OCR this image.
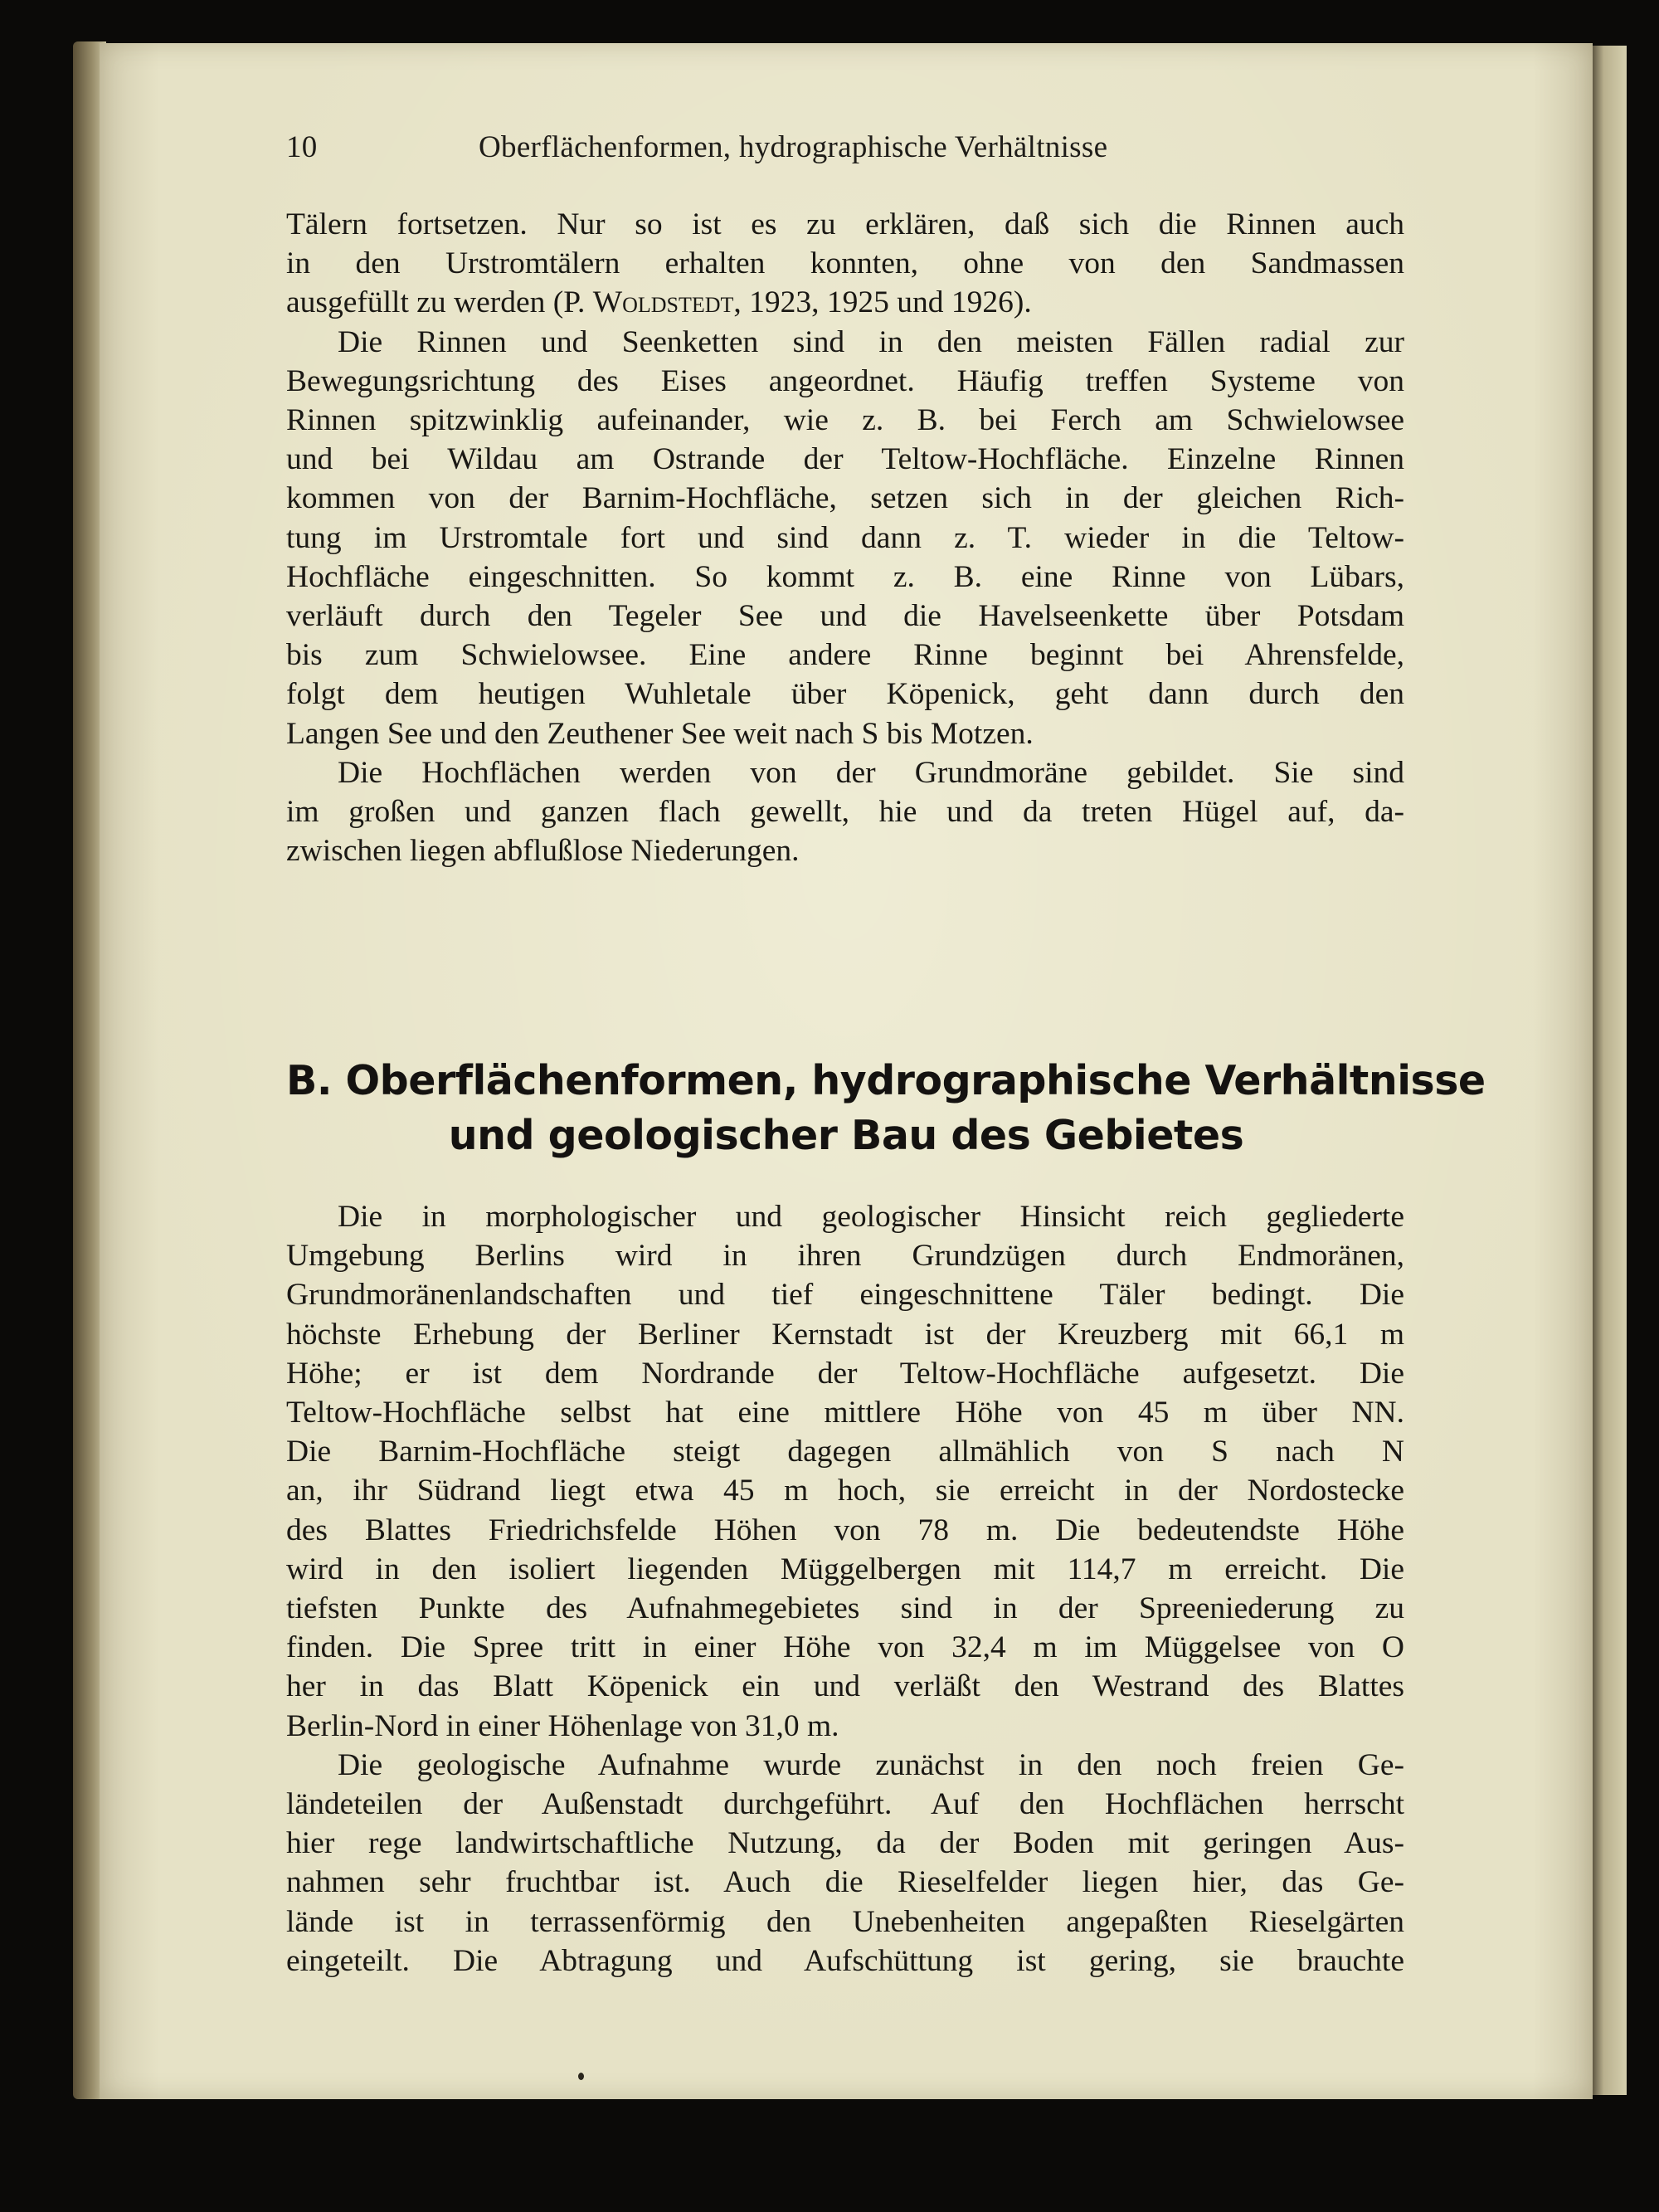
10	Oberflächenformen, hydrographische Verhältnisse

Tälern fortsetzen. Nur so ist es zu erklären, daß sich die Rinnen auch
in den Urstromtälern erhalten konnten, ohne von den Sandmassen
ausgefüllt zu werden (P. Woldstedt, 1923, 1925 und 1926).

Die Rinnen und Seenketten sind in den meisten Fällen radial zur
Bewegungsrichtung des Eises angeordnet. Häufig treffen Systeme von
Rinnen spitzwinklig aufeinander, wie z. B. bei Ferch am Schwielowsee
und bei Wildau am Ostrande der Teltow-Hochfläche. Einzelne Rinnen
kommen von der Barnim-Hochfläche, setzen sich in der gleichen Rich-
tung im Urstromtale fort und sind dann z. T. wieder in die Teltow-
Hochfläche eingeschnitten. So kommt z. B. eine Rinne von Lübars,
verläuft durch den Tegeler See und die Havelseenkette über Potsdam
bis zum Schwielowsee. Eine andere Rinne beginnt bei Ahrensfelde,
folgt dem heutigen Wuhletale über Köpenick, geht dann durch den
Langen See und den Zeuthener See weit nach S bis Motzen.

Die Hochflächen werden von der Grundmoräne gebildet. Sie sind
im großen und ganzen flach gewellt, hie und da treten Hügel auf, da-
zwischen liegen abflußlose Niederungen.

B. Oberflächenformen, hydrographische Verhältnisse
und geologischer Bau des Gebietes

Die in morphologischer und geologischer Hinsicht reich gegliederte
Umgebung Berlins wird in ihren Grundzügen durch Endmoränen,
Grundmoränenlandschaften und tief eingeschnittene Täler bedingt. Die
höchste Erhebung der Berliner Kernstadt ist der Kreuzberg mit 66,1 m
Höhe; er ist dem Nordrande der Teltow-Hochfläche aufgesetzt. Die
Teltow-Hochfläche selbst hat eine mittlere Höhe von 45 m über NN.
Die Barnim-Hochfläche steigt dagegen allmählich von S nach N
an, ihr Südrand liegt etwa 45 m hoch, sie erreicht in der Nordostecke
des Blattes Friedrichsfelde Höhen von 78 m. Die bedeutendste Höhe
wird in den isoliert liegenden Müggelbergen mit 114,7 m erreicht. Die
tiefsten Punkte des Aufnahmegebietes sind in der Spreeniederung zu
finden. Die Spree tritt in einer Höhe von 32,4 m im Müggelsee von O
her in das Blatt Köpenick ein und verläßt den Westrand des Blattes
Berlin-Nord in einer Höhenlage von 31,0 m.

Die geologische Aufnahme wurde zunächst in den noch freien Ge-
ländeteilen der Außenstadt durchgeführt. Auf den Hochflächen herrscht
hier rege landwirtschaftliche Nutzung, da der Boden mit geringen Aus-
nahmen sehr fruchtbar ist. Auch die Rieselfelder liegen hier, das Ge-
lände ist in terrassenförmig den Unebenheiten angepaßten Rieselgärten
eingeteilt. Die Abtragung und Aufschüttung ist gering, sie brauchte
